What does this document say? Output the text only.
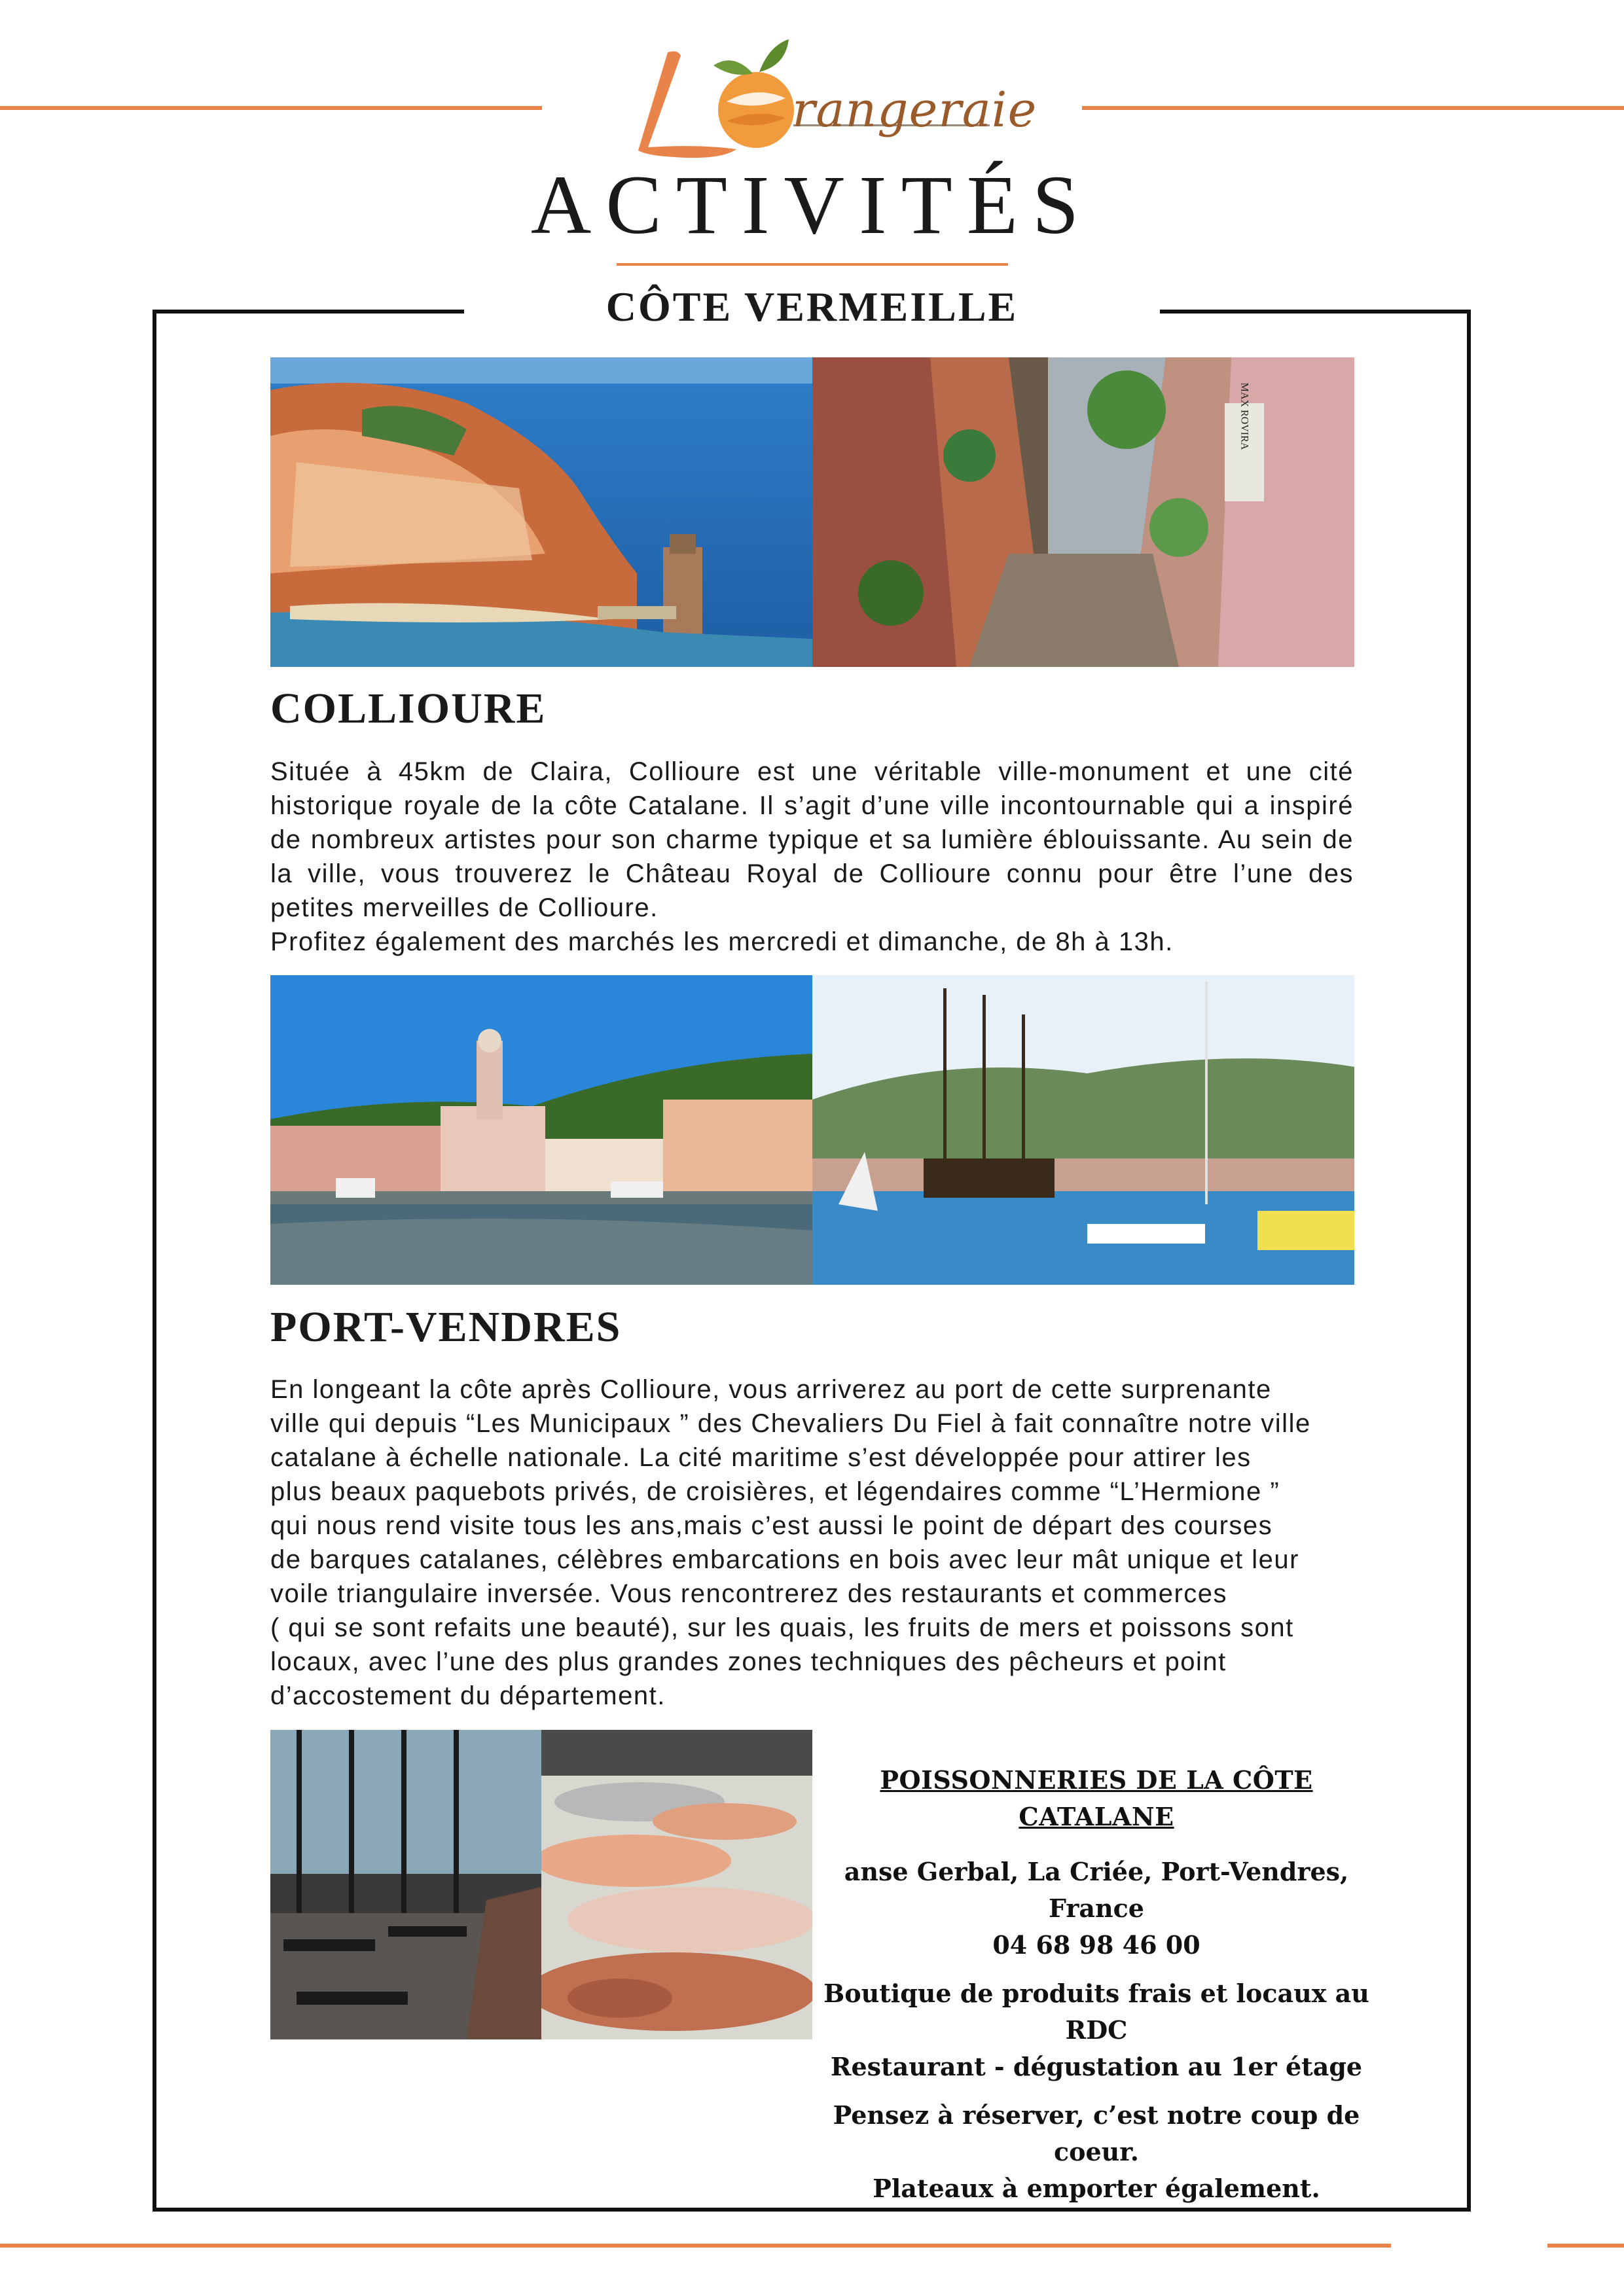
rangeraie
ACTIVITÉS
CÔTE VERMEILLE
MAX ROVIRA
COLLIOURE

Située à 45km de Claira, Collioure est une véritable ville-monument et une cité historique royale de la côte Catalane. Il s’agit d’une ville incontournable qui a inspiré de nombreux artistes pour son charme typique et sa lumière éblouissante. Au sein de la ville, vous trouverez le Château Royal de Collioure connu pour être l’une des petites merveilles de Collioure.

Profitez également des marchés les mercredi et dimanche, de 8h à 13h.

PORT-VENDRES

En longeant la côte après Collioure, vous arriverez au port de cette surprenante

ville qui depuis “Les Municipaux ” des Chevaliers Du Fiel à fait connaître notre ville

catalane à échelle nationale. La cité maritime s’est développée pour attirer les

plus beaux paquebots privés, de croisières, et légendaires comme “L’Hermione ”

qui nous rend visite tous les ans,mais c’est aussi le point de départ des courses

de barques catalanes, célèbres embarcations en bois avec leur mât unique et leur

voile triangulaire inversée. Vous rencontrerez des restaurants et commerces

( qui se sont refaits une beauté), sur les quais, les fruits de mers et poissons sont

locaux, avec l’une des plus grandes zones techniques des pêcheurs et point

d’accostement du département.

POISSONNERIES DE LA CÔTE CATALANE
anse Gerbal, La Criée, Port-Vendres, France
04 68 98 46 00
Boutique de produits frais et locaux au RDC
Restaurant - dégustation au 1er étage
Pensez à réserver, c’est notre coup de coeur.
Plateaux à emporter également.
